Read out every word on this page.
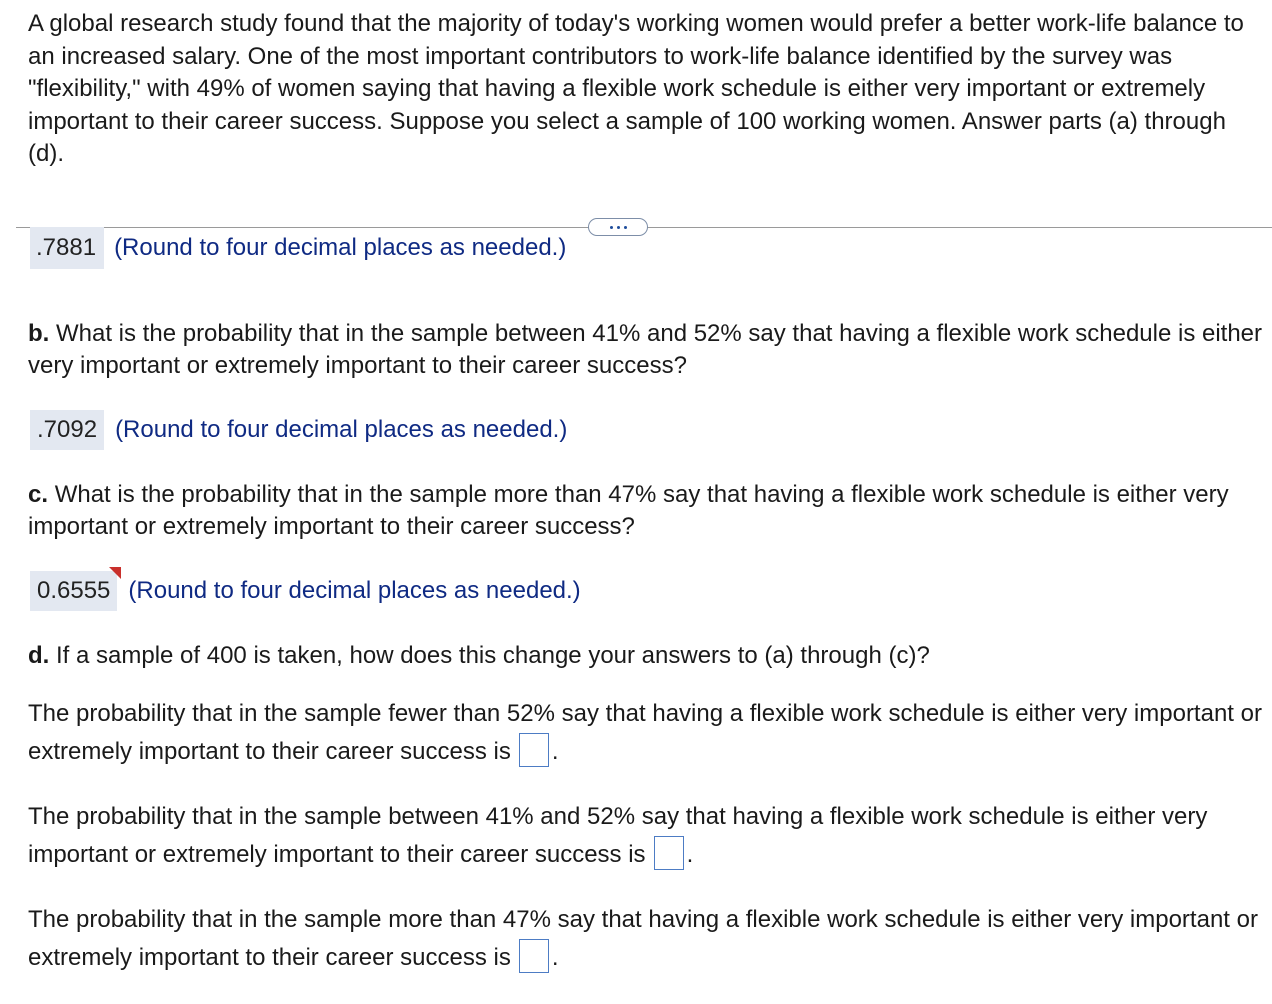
A global research study found that the majority of today's working women would prefer a better work-life balance to an increased salary. One of the most important contributors to work-life balance identified by the survey was "flexibility," with 49% of women saying that having a flexible work schedule is either very important or extremely important to their career success. Suppose you select a sample of 100 working women. Answer parts (a) through (d).
.7881 (Round to four decimal places as needed.)
b. What is the probability that in the sample between 41% and 52% say that having a flexible work schedule is either very important or extremely important to their career success?
.7092 (Round to four decimal places as needed.)
c. What is the probability that in the sample more than 47% say that having a flexible work schedule is either very important or extremely important to their career success?
0.6555 (Round to four decimal places as needed.)
d. If a sample of 400 is taken, how does this change your answers to (a) through (c)?
The probability that in the sample fewer than 52% say that having a flexible work schedule is either very important or extremely important to their career success is .
The probability that in the sample between 41% and 52% say that having a flexible work schedule is either very important or extremely important to their career success is .
The probability that in the sample more than 47% say that having a flexible work schedule is either very important or extremely important to their career success is .
